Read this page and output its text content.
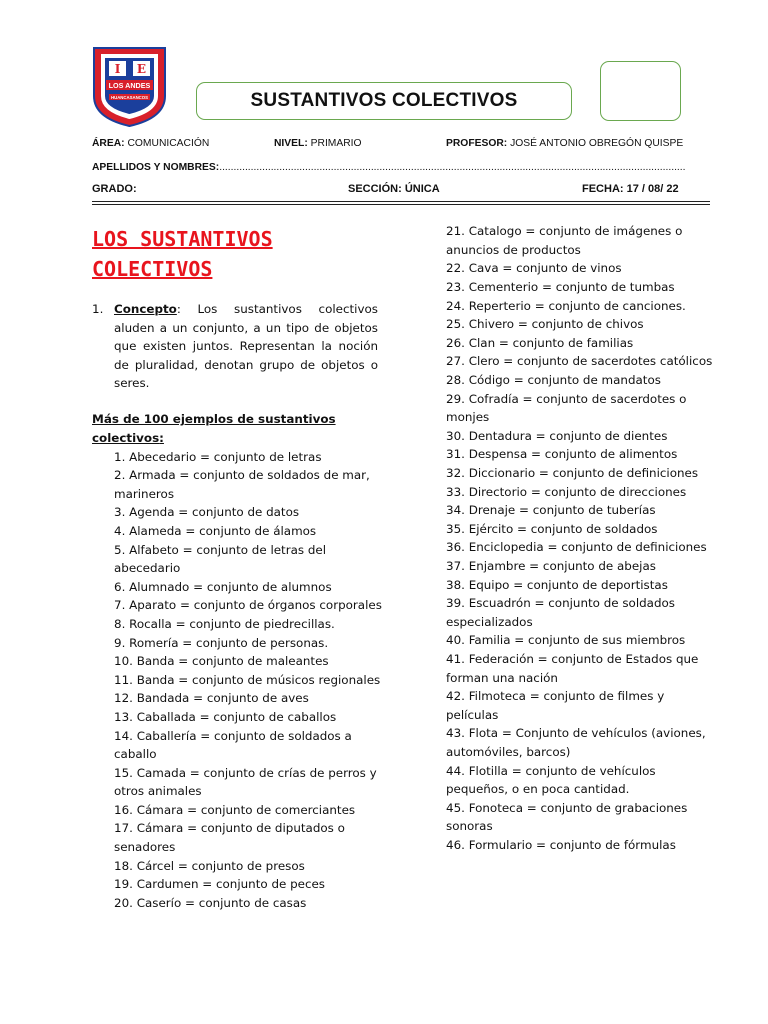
I E
LOS ANDES
HUANCASANCOS	SUSTANTIVOS COLECTIVOS
ÁREA: COMUNICACIÓN	NIVEL: PRIMARIO	PROFESOR: JOSÉ ANTONIO OBREGÓN QUISPE
APELLIDOS Y NOMBRES:...................................................................................................................................................................
GRADO:	SECCIÓN: ÚNICA	FECHA: 17 / 08/ 22
LOS SUSTANTIVOS COLECTIVOS
1. Concepto: Los sustantivos colectivos aluden a un conjunto, a un tipo de objetos que existen juntos. Representan la noción de pluralidad, denotan grupo de objetos o seres.
Más de 100 ejemplos de sustantivos colectivos:
1. Abecedario = conjunto de letras
2. Armada = conjunto de soldados de mar, marineros
3. Agenda = conjunto de datos
4. Alameda = conjunto de álamos
5. Alfabeto = conjunto de letras del abecedario
6. Alumnado = conjunto de alumnos
7. Aparato = conjunto de órganos corporales
8. Rocalla = conjunto de piedrecillas.
9. Romería = conjunto de personas.
10. Banda = conjunto de maleantes
11. Banda = conjunto de músicos regionales
12. Bandada = conjunto de aves
13. Caballada = conjunto de caballos
14. Caballería = conjunto de soldados a caballo
15. Camada = conjunto de crías de perros y otros animales
16. Cámara = conjunto de comerciantes
17. Cámara = conjunto de diputados o senadores
18. Cárcel = conjunto de presos
19. Cardumen = conjunto de peces
20. Caserío = conjunto de casas
21. Catalogo = conjunto de imágenes o anuncios de productos
22. Cava = conjunto de vinos
23. Cementerio = conjunto de tumbas
24. Reperterio = conjunto de canciones.
25. Chivero = conjunto de chivos
26. Clan = conjunto de familias
27. Clero = conjunto de sacerdotes católicos
28. Código = conjunto de mandatos
29. Cofradía = conjunto de sacerdotes o monjes
30. Dentadura = conjunto de dientes
31. Despensa = conjunto de alimentos
32. Diccionario = conjunto de definiciones
33. Directorio = conjunto de direcciones
34. Drenaje = conjunto de tuberías
35. Ejército = conjunto de soldados
36. Enciclopedia = conjunto de definiciones
37. Enjambre = conjunto de abejas
38. Equipo = conjunto de deportistas
39. Escuadrón = conjunto de soldados especializados
40. Familia = conjunto de sus miembros
41. Federación = conjunto de Estados que forman una nación
42. Filmoteca = conjunto de filmes y películas
43. Flota = Conjunto de vehículos (aviones, automóviles, barcos)
44. Flotilla = conjunto de vehículos pequeños, o en poca cantidad.
45. Fonoteca = conjunto de grabaciones sonoras
46. Formulario = conjunto de fórmulas
